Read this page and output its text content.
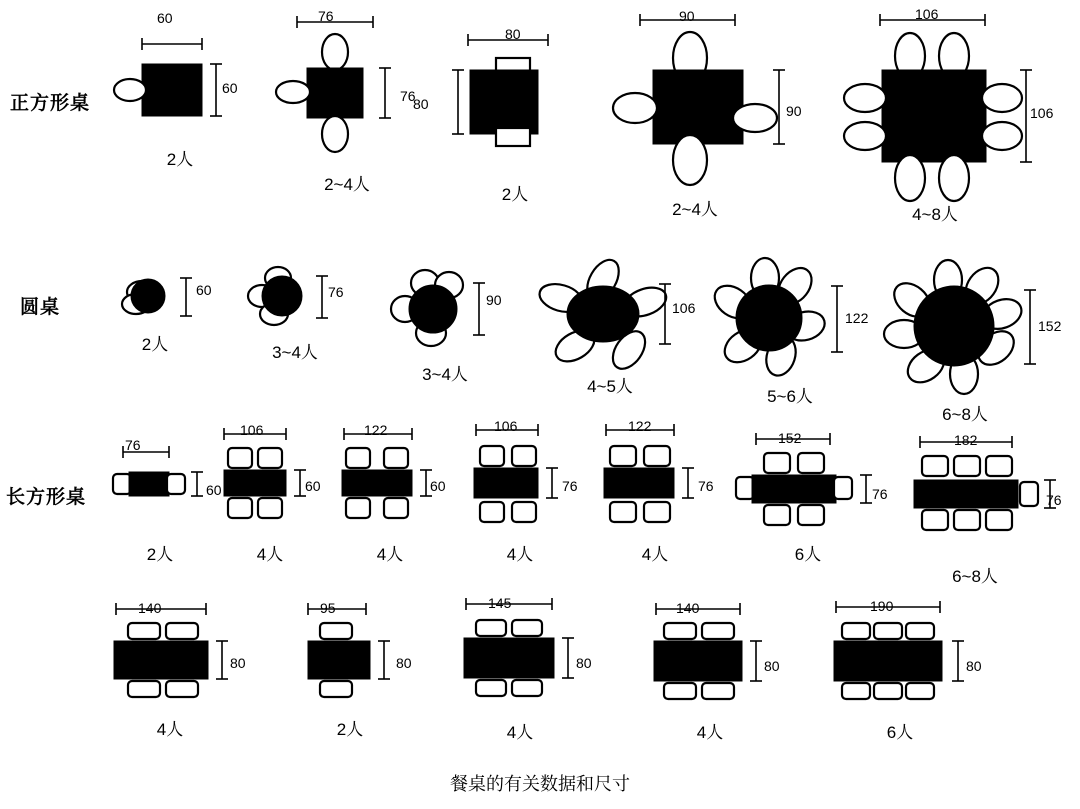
正方形桌
圆桌
长方形桌
60
60
2人
76
76
2~4人
80
80
2人
90
90
2~4人
106
106
4~8人
60
2人
76
3~4人
90
3~4人
106
4~5人
122
5~6人
152
6~8人
76
60
2人
106
60
4人
122
60
4人
106
76
4人
122
76
4人
152
76
6人
182
76
6~8人
140
80
4人
95
80
2人
145
80
4人
140
80
4人
190
80
6人
餐桌的有关数据和尺寸
